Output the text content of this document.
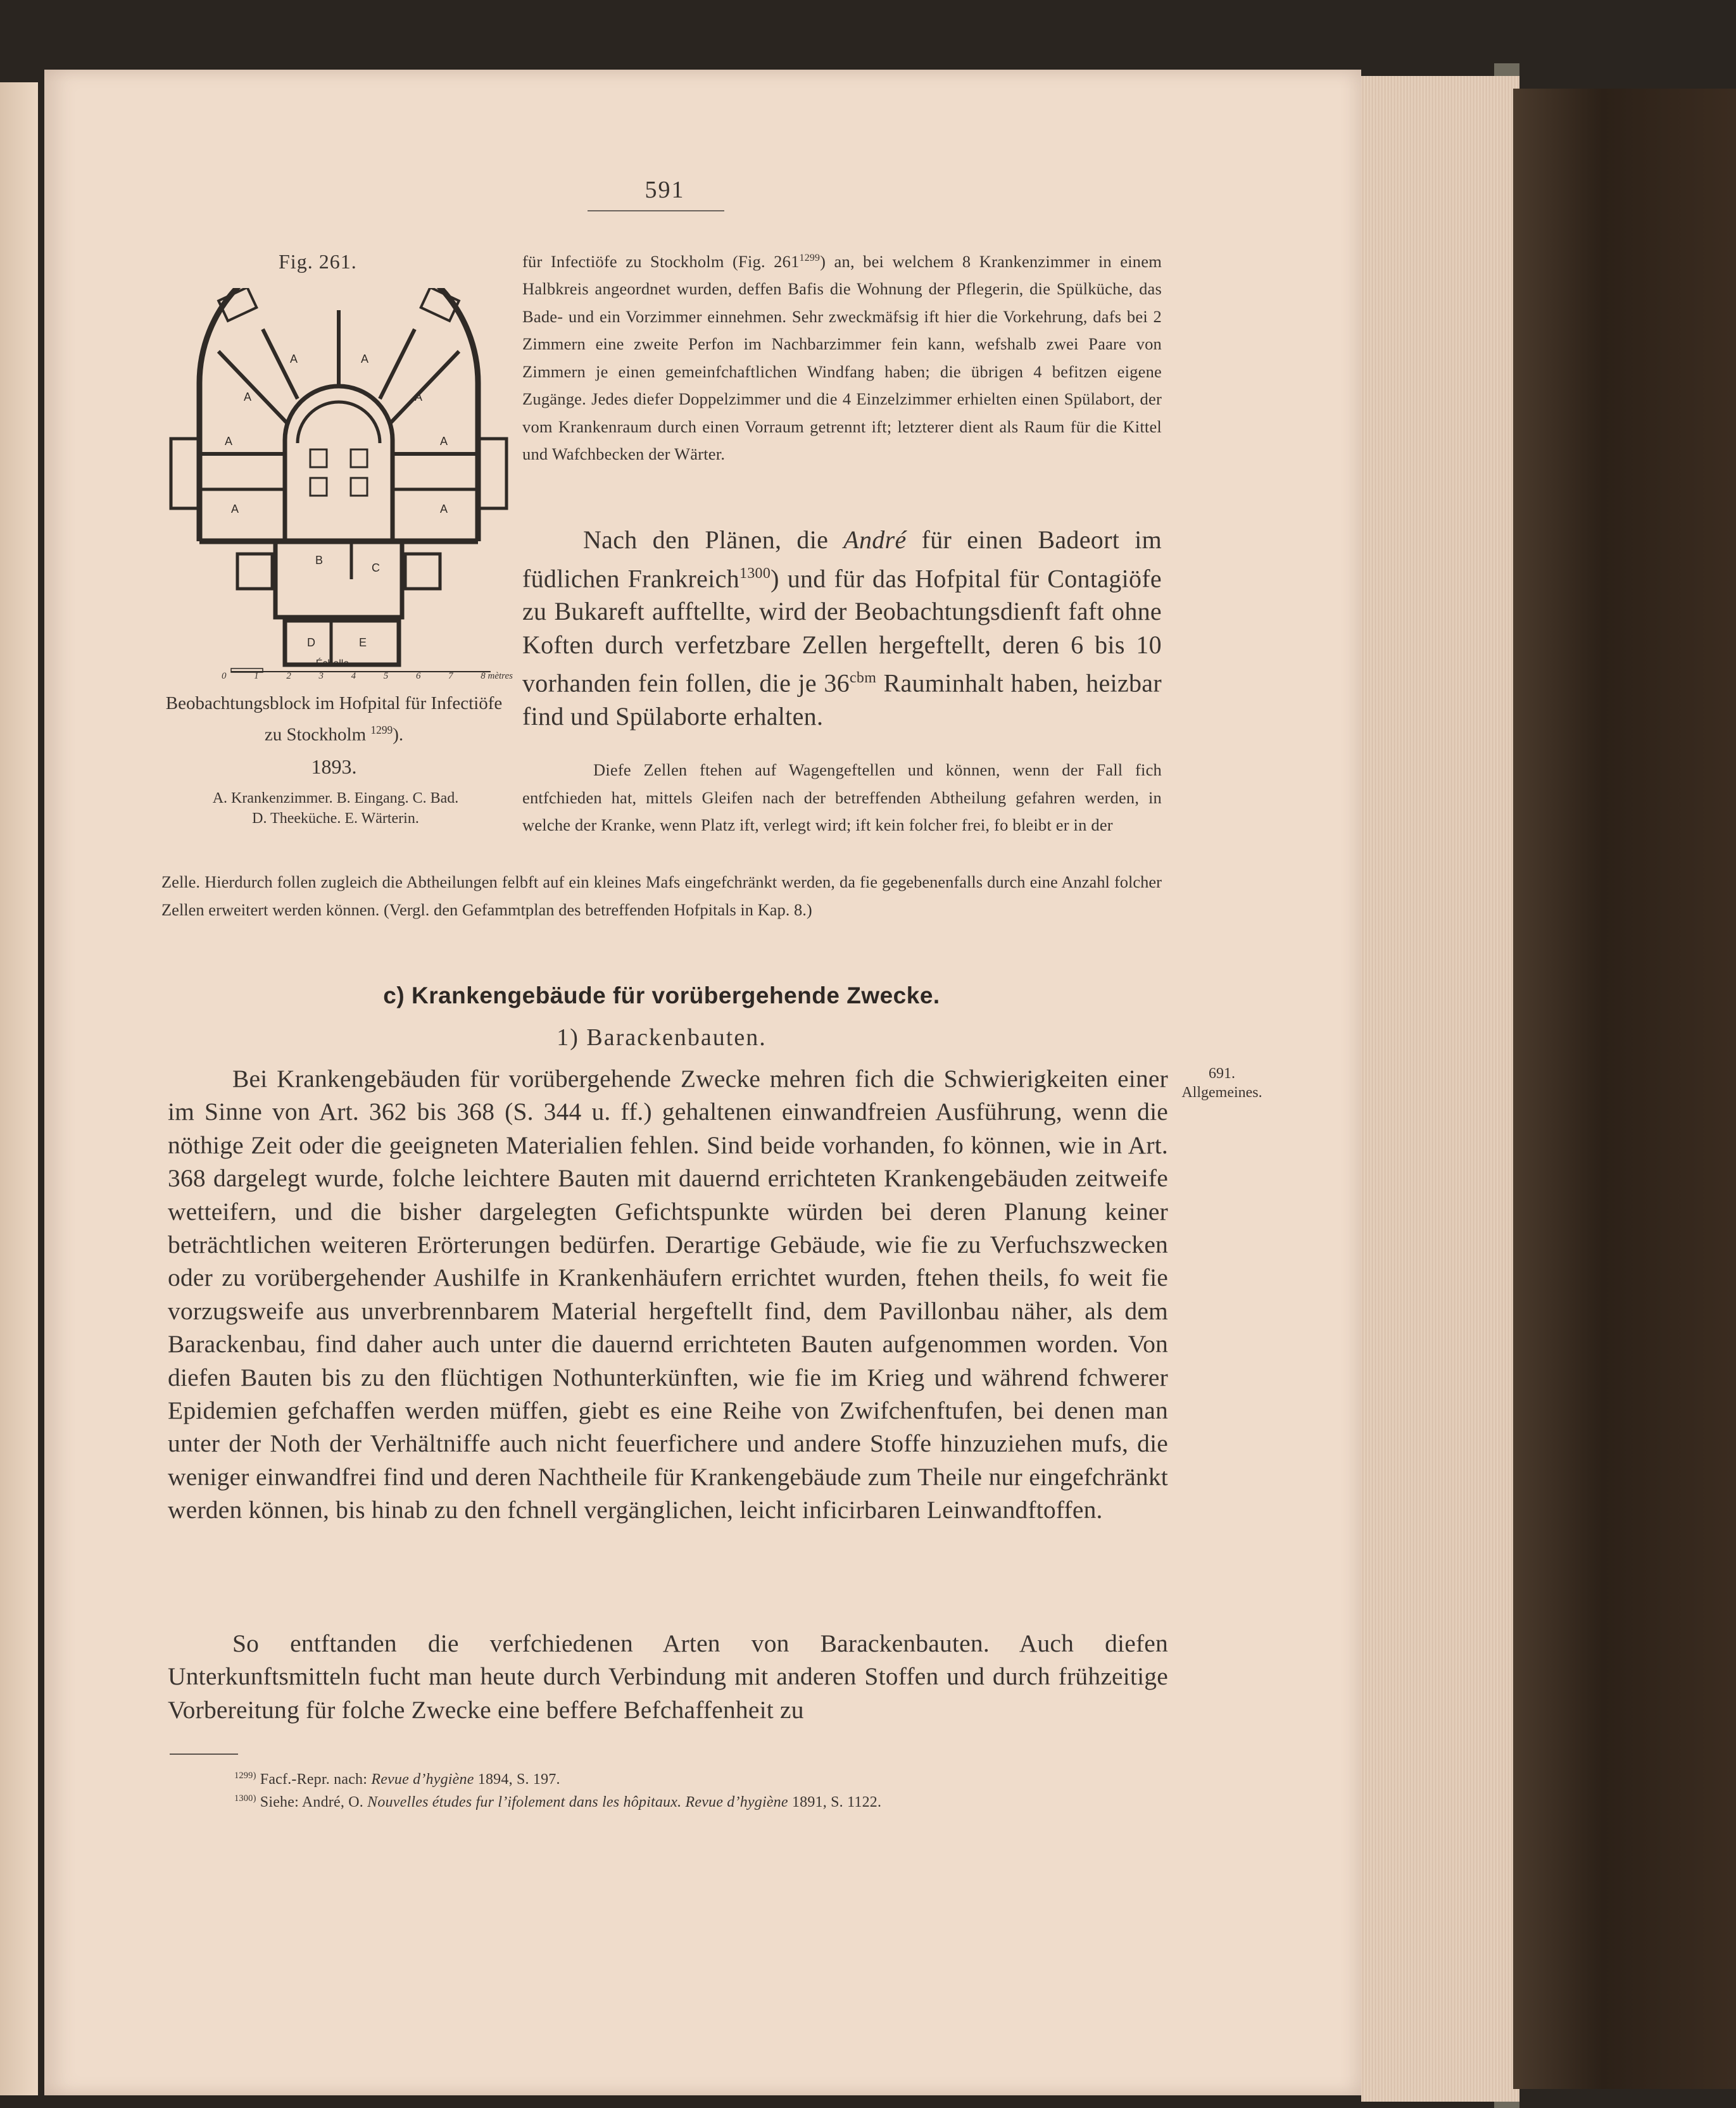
591
Fig. 261.
A	A
A	A
A	A
A	A
B
C
D	E
Échelle
0	1	2	3	4	5	6	7	8 mètres
Beobachtungsblock im Hofpital für Infectiöfe zu Stockholm $^{1299}$).
1893.
A. Krankenzimmer. B. Eingang. C. Bad.
D. Theeküche. E. Wärterin.
für Infectiöfe zu Stockholm (Fig. $261^{1299}$) an, bei welchem 8 Krankenzimmer in einem Halbkreis angeordnet wurden, deffen Bafis die Wohnung der Pflegerin, die Spülküche, das Bade- und ein Vorzimmer einnehmen. Sehr zweckmäfsig ift hier die Vorkehrung, dafs bei 2 Zimmern eine zweite Perfon im Nachbarzimmer fein kann, wefshalb zwei Paare von Zimmern je einen gemeinfchaftlichen Windfang haben; die übrigen 4 befitzen eigene Zugänge. Jedes diefer Doppelzimmer und die 4 Einzelzimmer erhielten einen Spülabort, der vom Krankenraum durch einen Vorraum getrennt ift; letzterer dient als Raum für die Kittel und Wafchbecken der Wärter.
Nach den Plänen, die André für einen Badeort im füdlichen Frankreich$^{1300}$) und für das Hofpital für Contagiöfe zu Bukareft aufftellte, wird der Beobachtungsdienft faft ohne Koften durch verfetzbare Zellen hergeftellt, deren 6 bis 10 vorhanden fein follen, die je $36^{cbm}$ Rauminhalt haben, heizbar find und Spülaborte erhalten.
Diefe Zellen ftehen auf Wagengeftellen und können, wenn der Fall fich entfchieden hat, mittels Gleifen nach der betreffenden Abtheilung gefahren werden, in welche der Kranke, wenn Platz ift, verlegt wird; ift kein folcher frei, fo bleibt er in der
Zelle. Hierdurch follen zugleich die Abtheilungen felbft auf ein kleines Mafs eingefchränkt werden, da fie gegebenenfalls durch eine Anzahl folcher Zellen erweitert werden können. (Vergl. den Gefammtplan des betreffenden Hofpitals in Kap. 8.)
c) Krankengebäude für vorübergehende Zwecke.
1) Barackenbauten.
691.
Allgemeines.
Bei Krankengebäuden für vorübergehende Zwecke mehren fich die Schwierigkeiten einer im Sinne von Art. 362 bis 368 (S. 344 u. ff.) gehaltenen einwandfreien Ausführung, wenn die nöthige Zeit oder die geeigneten Materialien fehlen. Sind beide vorhanden, fo können, wie in Art. 368 dargelegt wurde, folche leichtere Bauten mit dauernd errichteten Krankengebäuden zeitweife wetteifern, und die bisher dargelegten Gefichtspunkte würden bei deren Planung keiner beträchtlichen weiteren Erörterungen bedürfen. Derartige Gebäude, wie fie zu Verfuchszwecken oder zu vorübergehender Aushilfe in Krankenhäufern errichtet wurden, ftehen theils, fo weit fie vorzugsweife aus unverbrennbarem Material hergeftellt find, dem Pavillonbau näher, als dem Barackenbau, find daher auch unter die dauernd errichteten Bauten aufgenommen worden. Von diefen Bauten bis zu den flüchtigen Nothunterkünften, wie fie im Krieg und während fchwerer Epidemien gefchaffen werden müffen, giebt es eine Reihe von Zwifchenftufen, bei denen man unter der Noth der Verhältniffe auch nicht feuerfichere und andere Stoffe hinzuziehen mufs, die weniger einwandfrei find und deren Nachtheile für Krankengebäude zum Theile nur eingefchränkt werden können, bis hinab zu den fchnell vergänglichen, leicht inficirbaren Leinwandftoffen.
So entftanden die verfchiedenen Arten von Barackenbauten. Auch diefen Unterkunftsmitteln fucht man heute durch Verbindung mit anderen Stoffen und durch frühzeitige Vorbereitung für folche Zwecke eine beffere Befchaffenheit zu
$^{1299)}$ Facf.-Repr. nach: Revue d’hygiène 1894, S. 197.
$^{1300)}$ Siehe: André, O. Nouvelles études fur l’ifolement dans les hôpitaux. Revue d’hygiène 1891, S. 1122.
